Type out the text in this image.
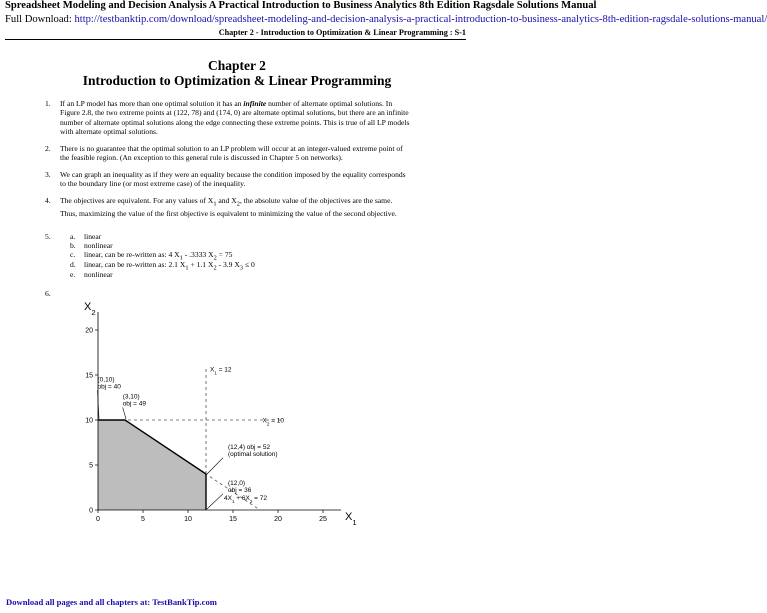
Spreadsheet Modeling and Decision Analysis A Practical Introduction to Business Analytics 8th Edition Ragsdale Solutions Manual
Full Download: http://testbanktip.com/download/spreadsheet-modeling-and-decision-analysis-a-practical-introduction-to-business-analytics-8th-edition-ragsdale-solutions-manual/
Chapter 2 - Introduction to Optimization & Linear Programming : S-1
Chapter 2
Introduction to Optimization & Linear Programming
1. If an LP model has more than one optimal solution it has an infinite number of alternate optimal solutions. In Figure 2.8, the two extreme points at (122, 78) and (174, 0) are alternate optimal solutions, but there are an infinite number of alternate optimal solutions along the edge connecting these extreme points. This is true of all LP models with alternate optimal solutions.
2. There is no guarantee that the optimal solution to an LP problem will occur at an integer-valued extreme point of the feasible region. (An exception to this general rule is discussed in Chapter 5 on networks).
3. We can graph an inequality as if they were an equality because the condition imposed by the equality corresponds to the boundary line (or most extreme case) of the inequality.
4. The objectives are equivalent. For any values of $X_1$ and $X_2$, the absolute value of the objectives are the same. Thus, maximizing the value of the first objective is equivalent to minimizing the value of the second objective.
5.	a. linear
b. nonlinear
c. linear, can be re-written as: 4 $X_1 - .3333$ $X_2 = 75$
d. linear, can be re-written as: 2.1 $X_1 + 1.1$ $X_2 - 3.9$ $X_3 \le 0$
e. nonlinear
6.
0	5	10	15	20	25
0
5
10
15
20
$X_2$
$X_1$
$X_1 = 12$
$X_2 = 10$
$4X_1 + 6X_2 = 72$
(0,10)
obj = 40
(3,10)
obj = 49
(12,4) obj = 52
(optimal solution)
(12,0)
obj = 36
Download all pages and all chapters at: TestBankTip.com
